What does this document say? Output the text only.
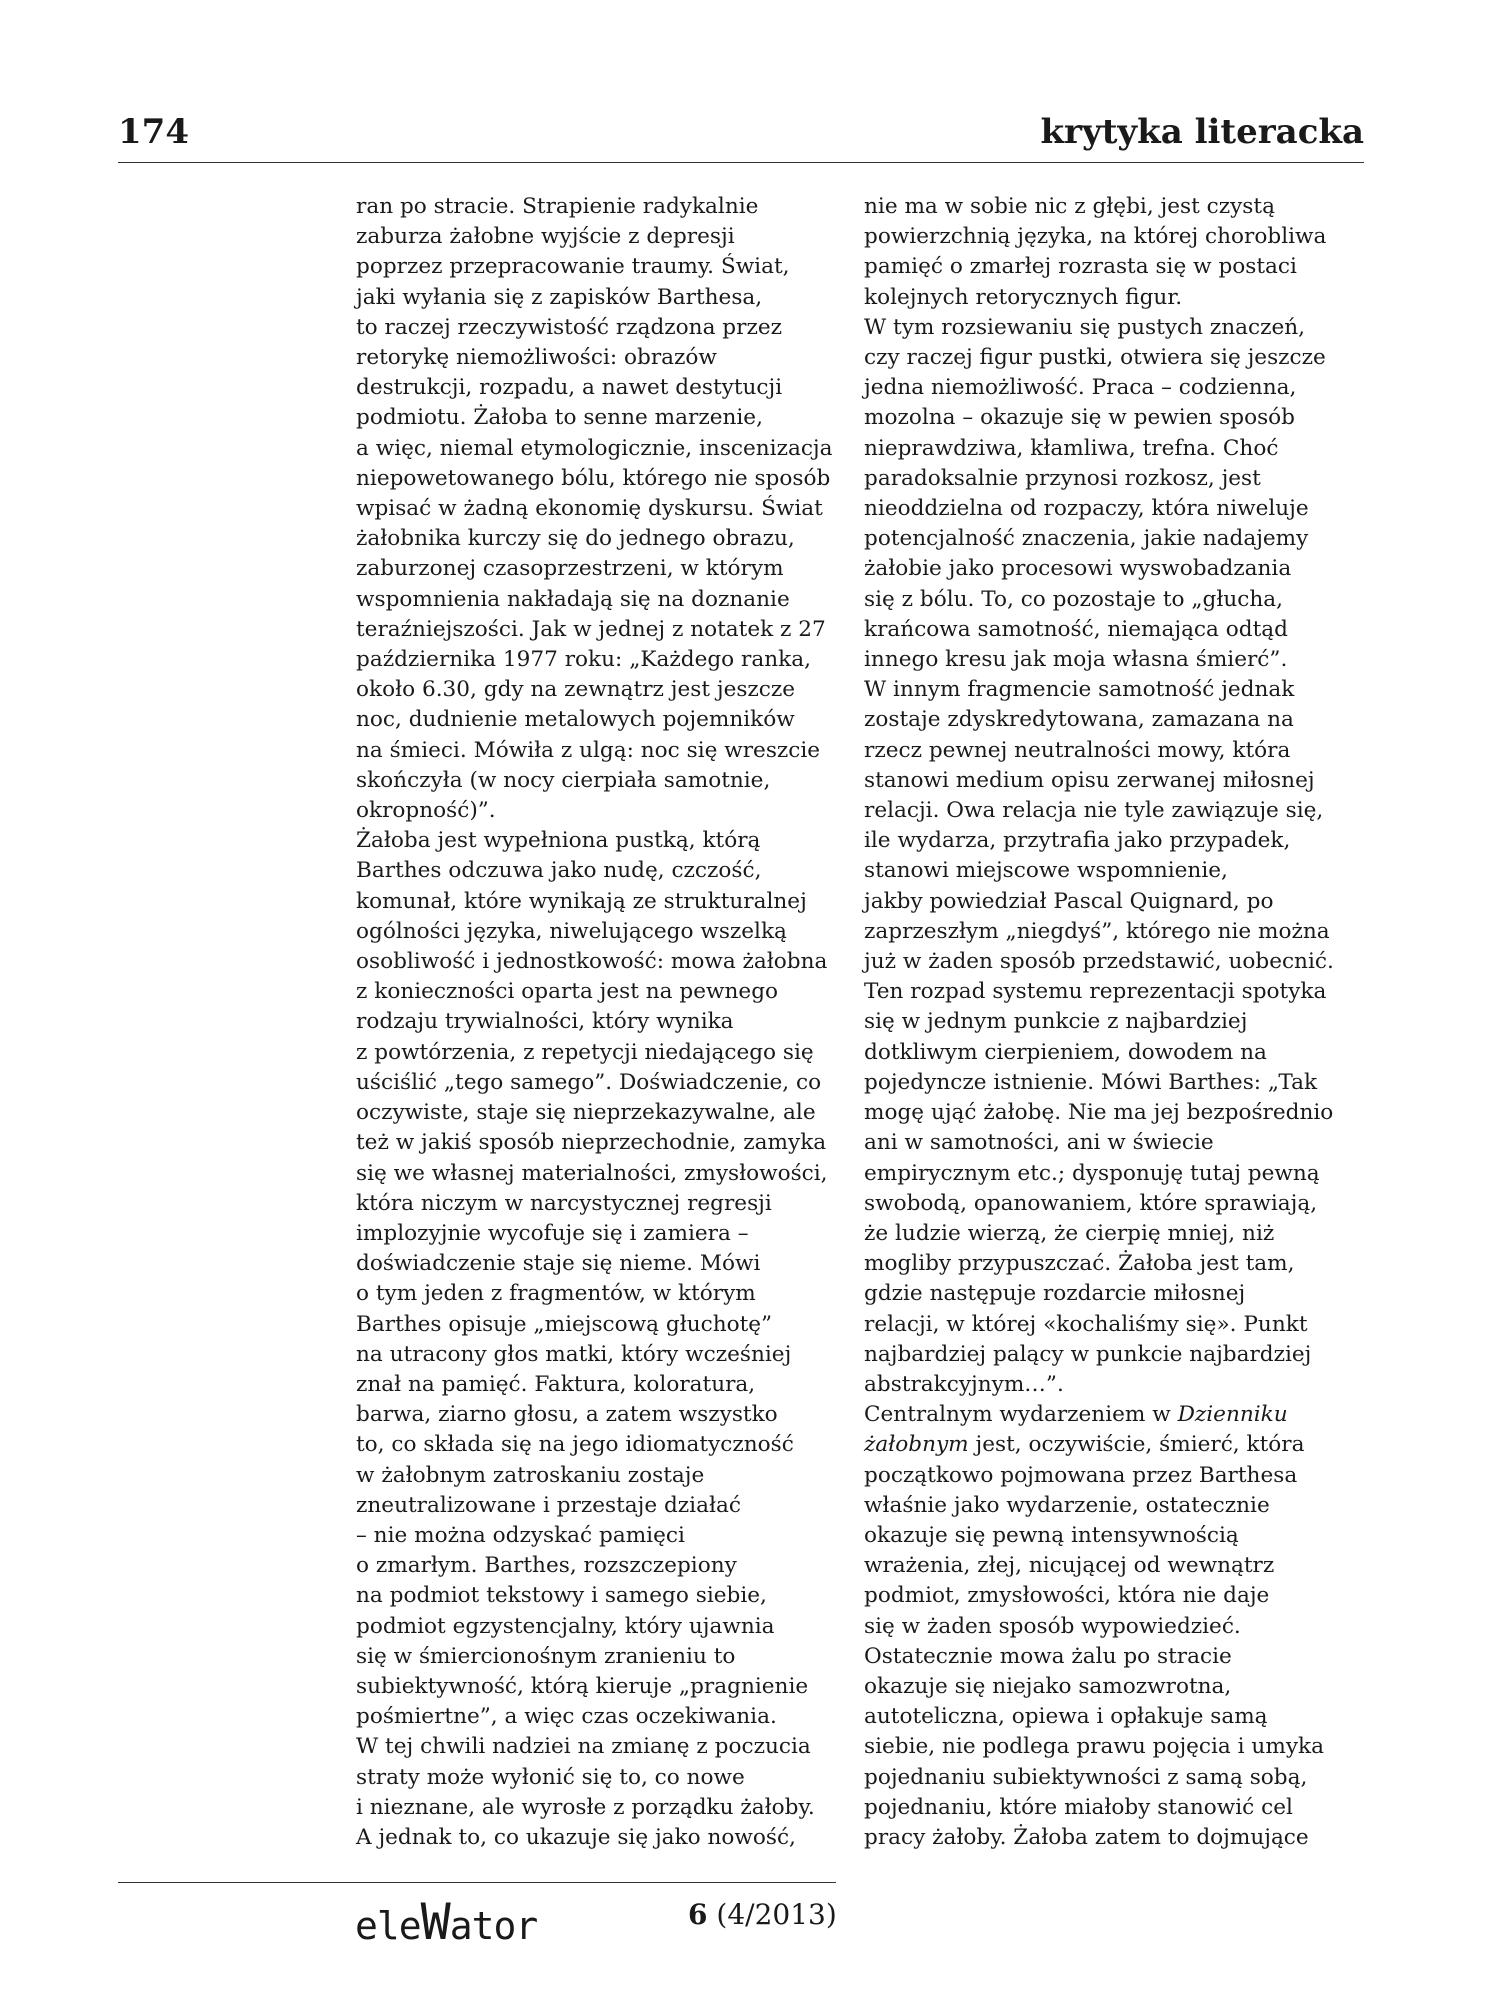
174	krytyka literacka
ran po stracie. Strapienie radykalnie
zaburza żałobne wyjście z depresji
poprzez przepracowanie traumy. Świat,
jaki wyłania się z zapisków Barthesa,
to raczej rzeczywistość rządzona przez
retorykę niemożliwości: obrazów
destrukcji, rozpadu, a nawet destytucji
podmiotu. Żałoba to senne marzenie,
a więc, niemal etymologicznie, inscenizacja
niepowetowanego bólu, którego nie sposób
wpisać w żadną ekonomię dyskursu. Świat
żałobnika kurczy się do jednego obrazu,
zaburzonej czasoprzestrzeni, w którym
wspomnienia nakładają się na doznanie
teraźniejszości. Jak w jednej z notatek z 27
października 1977 roku: „Każdego ranka,
około 6.30, gdy na zewnątrz jest jeszcze
noc, dudnienie metalowych pojemników
na śmieci. Mówiła z ulgą: noc się wreszcie
skończyła (w nocy cierpiała samotnie,
okropność)”.
Żałoba jest wypełniona pustką, którą
Barthes odczuwa jako nudę, czczość,
komunał, które wynikają ze strukturalnej
ogólności języka, niwelującego wszelką
osobliwość i jednostkowość: mowa żałobna
z konieczności oparta jest na pewnego
rodzaju trywialności, który wynika
z powtórzenia, z repetycji niedającego się
uściślić „tego samego”. Doświadczenie, co
oczywiste, staje się nieprzekazywalne, ale
też w jakiś sposób nieprzechodnie, zamyka
się we własnej materialności, zmysłowości,
która niczym w narcystycznej regresji
implozyjnie wycofuje się i zamiera –
doświadczenie staje się nieme. Mówi
o tym jeden z fragmentów, w którym
Barthes opisuje „miejscową głuchotę”
na utracony głos matki, który wcześniej
znał na pamięć. Faktura, koloratura,
barwa, ziarno głosu, a zatem wszystko
to, co składa się na jego idiomatyczność
w żałobnym zatroskaniu zostaje
zneutralizowane i przestaje działać
– nie można odzyskać pamięci
o zmarłym. Barthes, rozszczepiony
na podmiot tekstowy i samego siebie,
podmiot egzystencjalny, który ujawnia
się w śmiercionośnym zranieniu to
subiektywność, którą kieruje „pragnienie
pośmiertne”, a więc czas oczekiwania.
W tej chwili nadziei na zmianę z poczucia
straty może wyłonić się to, co nowe
i nieznane, ale wyrosłe z porządku żałoby.
A jednak to, co ukazuje się jako nowość,
nie ma w sobie nic z głębi, jest czystą
powierzchnią języka, na której chorobliwa
pamięć o zmarłej rozrasta się w postaci
kolejnych retorycznych figur.
W tym rozsiewaniu się pustych znaczeń,
czy raczej figur pustki, otwiera się jeszcze
jedna niemożliwość. Praca – codzienna,
mozolna – okazuje się w pewien sposób
nieprawdziwa, kłamliwa, trefna. Choć
paradoksalnie przynosi rozkosz, jest
nieoddzielna od rozpaczy, która niweluje
potencjalność znaczenia, jakie nadajemy
żałobie jako procesowi wyswobadzania
się z bólu. To, co pozostaje to „głucha,
krańcowa samotność, niemająca odtąd
innego kresu jak moja własna śmierć”.
W innym fragmencie samotność jednak
zostaje zdyskredytowana, zamazana na
rzecz pewnej neutralności mowy, która
stanowi medium opisu zerwanej miłosnej
relacji. Owa relacja nie tyle zawiązuje się,
ile wydarza, przytrafia jako przypadek,
stanowi miejscowe wspomnienie,
jakby powiedział Pascal Quignard, po
zaprzeszłym „niegdyś”, którego nie można
już w żaden sposób przedstawić, uobecnić.
Ten rozpad systemu reprezentacji spotyka
się w jednym punkcie z najbardziej
dotkliwym cierpieniem, dowodem na
pojedyncze istnienie. Mówi Barthes: „Tak
mogę ująć żałobę. Nie ma jej bezpośrednio
ani w samotności, ani w świecie
empirycznym etc.; dysponuję tutaj pewną
swobodą, opanowaniem, które sprawiają,
że ludzie wierzą, że cierpię mniej, niż
mogliby przypuszczać. Żałoba jest tam,
gdzie następuje rozdarcie miłosnej
relacji, w której «kochaliśmy się». Punkt
najbardziej palący w punkcie najbardziej
abstrakcyjnym…”.
Centralnym wydarzeniem w Dzienniku
żałobnym jest, oczywiście, śmierć, która
początkowo pojmowana przez Barthesa
właśnie jako wydarzenie, ostatecznie
okazuje się pewną intensywnością
wrażenia, złej, nicującej od wewnątrz
podmiot, zmysłowości, która nie daje
się w żaden sposób wypowiedzieć.
Ostatecznie mowa żalu po stracie
okazuje się niejako samozwrotna,
autoteliczna, opiewa i opłakuje samą
siebie, nie podlega prawu pojęcia i umyka
pojednaniu subiektywności z samą sobą,
pojednaniu, które miałoby stanowić cel
pracy żałoby. Żałoba zatem to dojmujące
eleWator	6 (4/2013)
